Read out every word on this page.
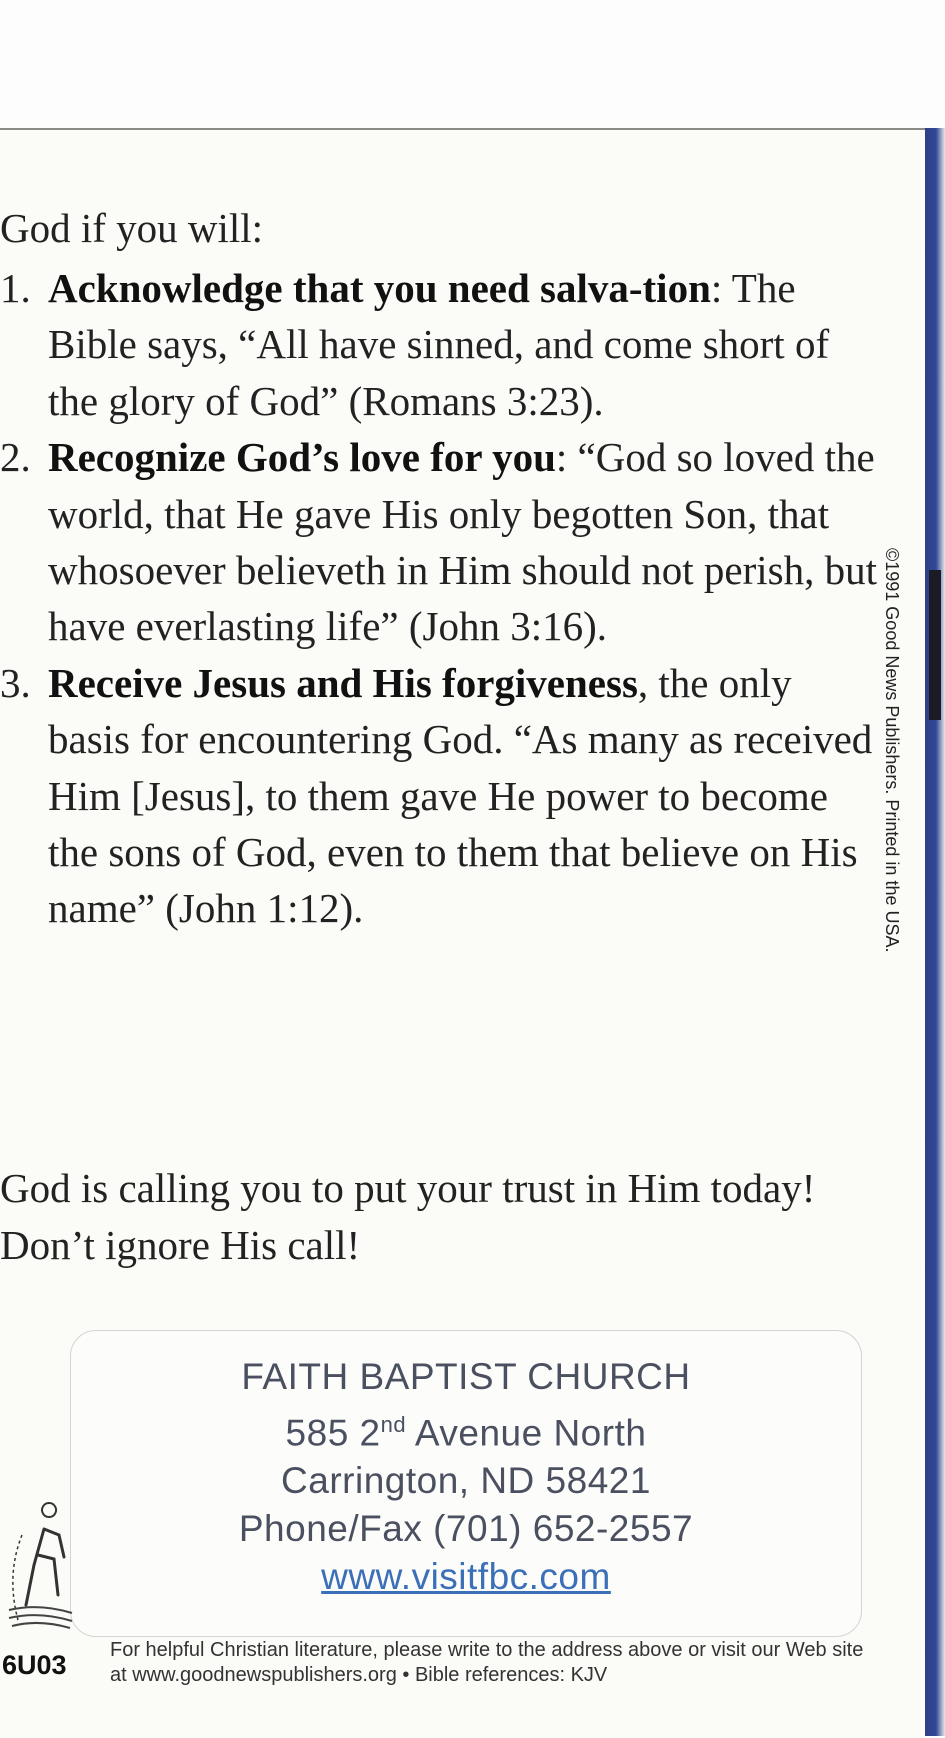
God if you will:
1. Acknowledge that you need salva-tion: The Bible says, “All have sinned, and come short of the glory of God” (Romans 3:23).
2. Recognize God’s love for you: “God so loved the world, that He gave His only begotten Son, that whosoever believeth in Him should not perish, but have everlasting life” (John 3:16).
3. Receive Jesus and His forgiveness, the only basis for encountering God. “As many as received Him [Jesus], to them gave He power to become the sons of God, even to them that believe on His name” (John 1:12).
God is calling you to put your trust in Him today! Don’t ignore His call!
©1991 Good News Publishers. Printed in the USA.
FAITH BAPTIST CHURCH
585 2nd Avenue North
Carrington, ND 58421
Phone/Fax (701) 652-2557
www.visitfbc.com
6U03 For helpful Christian literature, please write to the address above or visit our Web site at www.goodnewspublishers.org • Bible references: KJV
